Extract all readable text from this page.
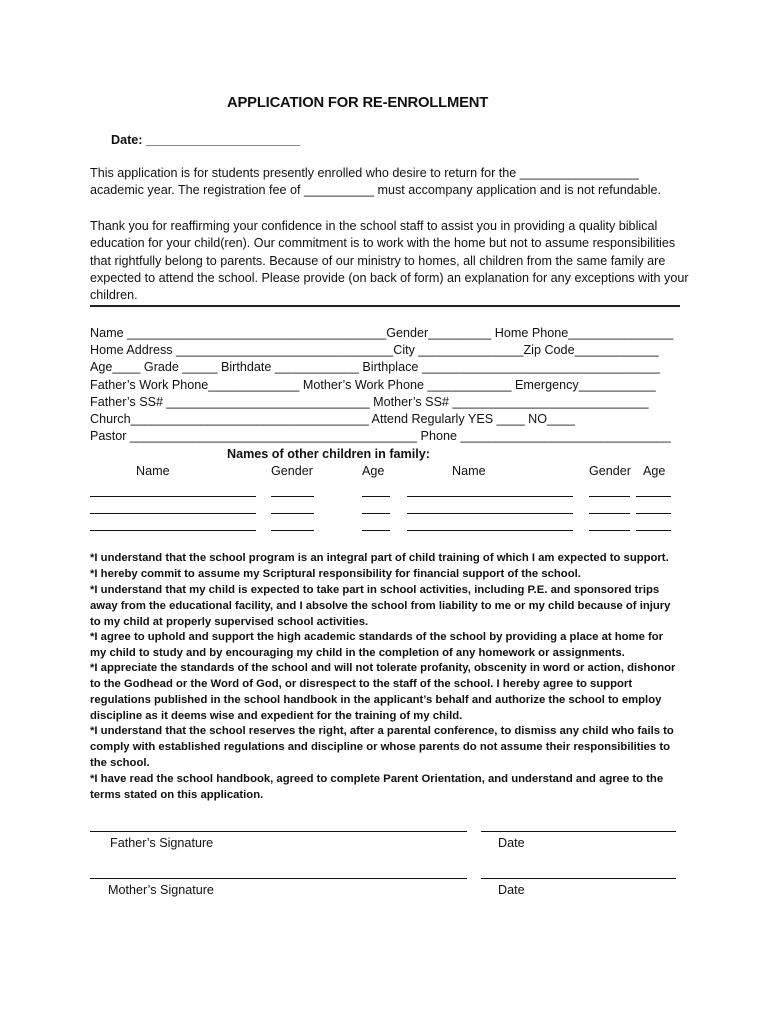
APPLICATION FOR RE-ENROLLMENT
Date: ______________________
This application is for students presently enrolled who desire to return for the _________________
academic year. The registration fee of __________ must accompany application and is not refundable.

Thank you for reaffirming your confidence in the school staff to assist you in providing a quality biblical education for your child(ren). Our commitment is to work with the home but not to assume responsibilities that rightfully belong to parents. Because of our ministry to homes, all children from the same family are expected to attend the school. Please provide (on back of form) an explanation for any exceptions with your children.

Name _____________________________________Gender_________ Home Phone_______________
Home Address _______________________________City _______________Zip Code____________
Age____ Grade _____ Birthdate ____________ Birthplace __________________________________
Father’s Work Phone_____________ Mother’s Work Phone ____________ Emergency___________
Father’s SS# _____________________________ Mother’s SS# ____________________________
Church__________________________________ Attend Regularly YES ____ NO____
Pastor _________________________________________ Phone ______________________________
Names of other children in family:
Name	Gender	Age	Name	Gender Age

*I understand that the school program is an integral part of child training of which I am expected to support.

*I hereby commit to assume my Scriptural responsibility for financial support of the school.

*I understand that my child is expected to take part in school activities, including P.E. and sponsored trips away from the educational facility, and I absolve the school from liability to me or my child because of injury to my child at properly supervised school activities.

*I agree to uphold and support the high academic standards of the school by providing a place at home for my child to study and by encouraging my child in the completion of any homework or assignments.

*I appreciate the standards of the school and will not tolerate profanity, obscenity in word or action, dishonor to the Godhead or the Word of God, or disrespect to the staff of the school. I hereby agree to support regulations published in the school handbook in the applicant’s behalf and authorize the school to employ discipline as it deems wise and expedient for the training of my child.

*I understand that the school reserves the right, after a parental conference, to dismiss any child who fails to comply with established regulations and discipline or whose parents do not assume their responsibilities to the school.

*I have read the school handbook, agreed to complete Parent Orientation, and understand and agree to the terms stated on this application.

Father’s Signature	Date
Mother’s Signature	Date
